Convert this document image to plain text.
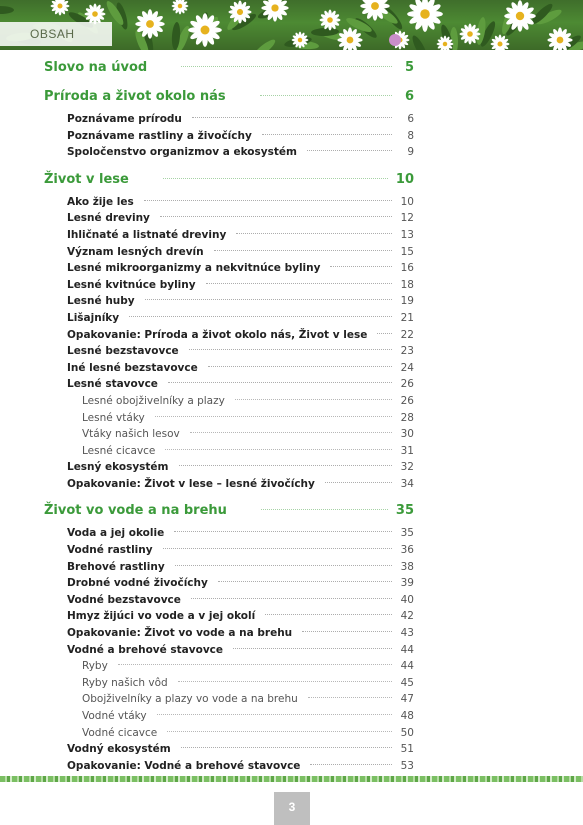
OBSAH
Slovo na úvod	5
Príroda a život okolo nás	6
Poznávame prírodu	6
Poznávame rastliny a živočíchy	8
Spoločenstvo organizmov a ekosystém	9
Život v lese	10
Ako žije les	10
Lesné dreviny	12
Ihličnaté a listnaté dreviny	13
Význam lesných drevín	15
Lesné mikroorganizmy a nekvitnúce byliny	16
Lesné kvitnúce byliny	18
Lesné huby	19
Lišajníky	21
Opakovanie: Príroda a život okolo nás, Život v lese	22
Lesné bezstavovce	23
Iné lesné bezstavovce	24
Lesné stavovce	26
Lesné obojživelníky a plazy	26
Lesné vtáky	28
Vtáky našich lesov	30
Lesné cicavce	31
Lesný ekosystém	32
Opakovanie: Život v lese – lesné živočíchy	34
Život vo vode a na brehu	35
Voda a jej okolie	35
Vodné rastliny	36
Brehové rastliny	38
Drobné vodné živočíchy	39
Vodné bezstavovce	40
Hmyz žijúci vo vode a v jej okolí	42
Opakovanie: Život vo vode a na brehu	43
Vodné a brehové stavovce	44
Ryby	44
Ryby našich vôd	45
Obojživelníky a plazy vo vode a na brehu	47
Vodné vtáky	48
Vodné cicavce	50
Vodný ekosystém	51
Opakovanie: Vodné a brehové stavovce	53
3
